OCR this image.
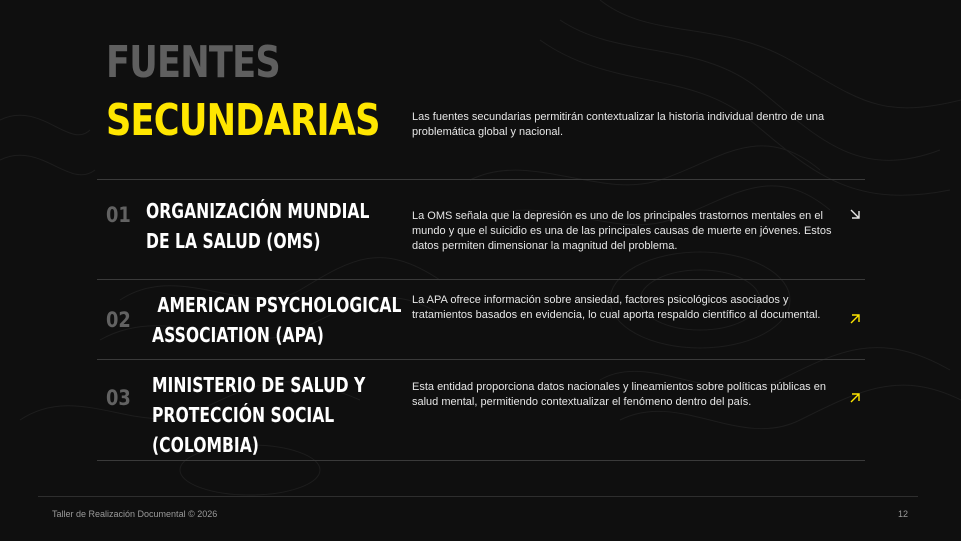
FUENTES
SECUNDARIAS	Las fuentes secundarias permitirán contextualizar la historia individual dentro de una problemática global y nacional.
01 ORGANIZACIÓN MUNDIAL
DE LA SALUD (OMS)
La OMS señala que la depresión es uno de los principales trastornos mentales en el mundo y que el suicidio es una de las principales causas de muerte en jóvenes. Estos datos permiten dimensionar la magnitud del problema.
02
AMERICAN PSYCHOLOGICAL
ASSOCIATION (APA)
La APA ofrece información sobre ansiedad, factores psicológicos asociados y tratamientos basados en evidencia, lo cual aporta respaldo científico al documental.
03
MINISTERIO DE SALUD Y
PROTECCIÓN SOCIAL
(COLOMBIA)
Esta entidad proporciona datos nacionales y lineamientos sobre políticas públicas en salud mental, permitiendo contextualizar el fenómeno dentro del país.
Taller de Realización Documental © 2026	12
